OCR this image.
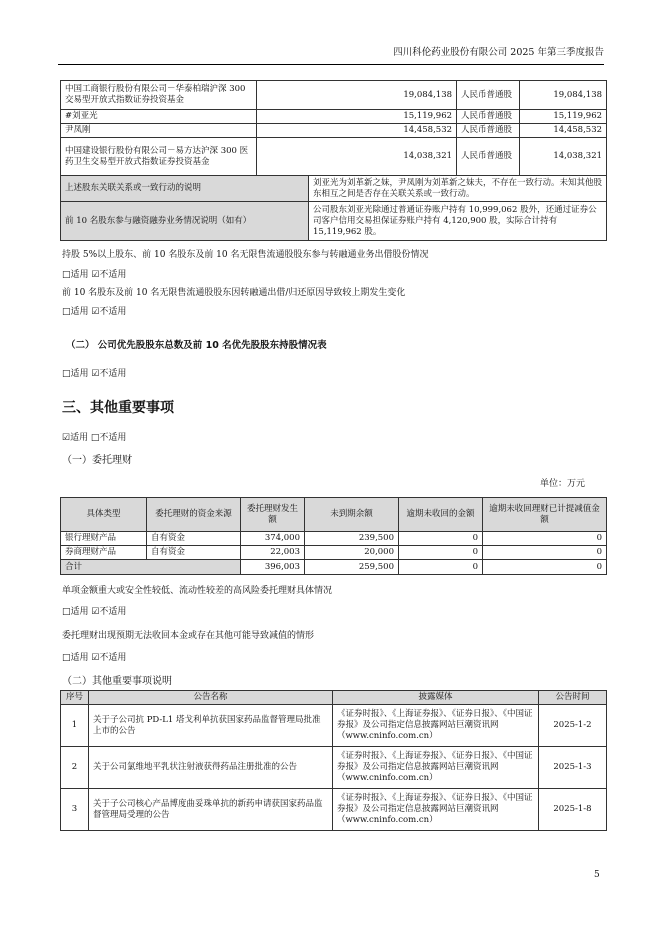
四川科伦药业股份有限公司 2025 年第三季度报告
中国工商银行股份有限公司－华泰柏瑞沪深 300 交易型开放式指数证券投资基金	19,084,138		人民币普通股	19,084,138
#刘亚光	15,119,962		人民币普通股	15,119,962
尹凤刚	14,458,532		人民币普通股	14,458,532
中国建设银行股份有限公司－易方达沪深 300 医药卫生交易型开放式指数证券投资基金	14,038,321		人民币普通股	14,038,321
上述股东关联关系或一致行动的说明		刘亚光为刘革新之妹，尹凤刚为刘革新之妹夫，不存在一致行动。未知其他股东相互之间是否存在关联关系或一致行动。		
前 10 名股东参与融资融券业务情况说明（如有）		公司股东刘亚光除通过普通证券账户持有 10,999,062 股外，还通过证券公司客户信用交易担保证券账户持有 4,120,900 股，实际合计持有 15,119,962 股。		
持股 5%以上股东、前 10 名股东及前 10 名无限售流通股股东参与转融通业务出借股份情况
□适用 ☑不适用
前 10 名股东及前 10 名无限售流通股股东因转融通出借/归还原因导致较上期发生变化
□适用 ☑不适用
（二） 公司优先股股东总数及前 10 名优先股股东持股情况表
□适用 ☑不适用
三、其他重要事项
☑适用 □不适用
（一）委托理财
单位：万元
具体类型	委托理财的资金来源	委托理财发生额	未到期余额	逾期未收回的金额	逾期未收回理财已计提减值金额
银行理财产品	自有资金	374,000	239,500	0	0
券商理财产品	自有资金	22,003	20,000	0	0
合计		396,003	259,500	0	0
单项金额重大或安全性较低、流动性较差的高风险委托理财具体情况
□适用 ☑不适用
委托理财出现预期无法收回本金或存在其他可能导致减值的情形
□适用 ☑不适用
（二）其他重要事项说明
序号	公告名称	披露媒体	公告时间
1	关于子公司抗 PD-L1 塔戈利单抗获国家药品监督管理局批准上市的公告	《证券时报》、《上海证券报》、《证券日报》、《中国证券报》及公司指定信息披露网站巨潮资讯网（www.cninfo.com.cn）	2025-1-2
2	关于公司氯维地平乳状注射液获得药品注册批准的公告	《证券时报》、《上海证券报》、《证券日报》、《中国证券报》及公司指定信息披露网站巨潮资讯网（www.cninfo.com.cn）	2025-1-3
3	关于子公司核心产品博度曲妥珠单抗的新药申请获国家药品监督管理局受理的公告	《证券时报》、《上海证券报》、《证券日报》、《中国证券报》及公司指定信息披露网站巨潮资讯网（www.cninfo.com.cn）	2025-1-8
5
